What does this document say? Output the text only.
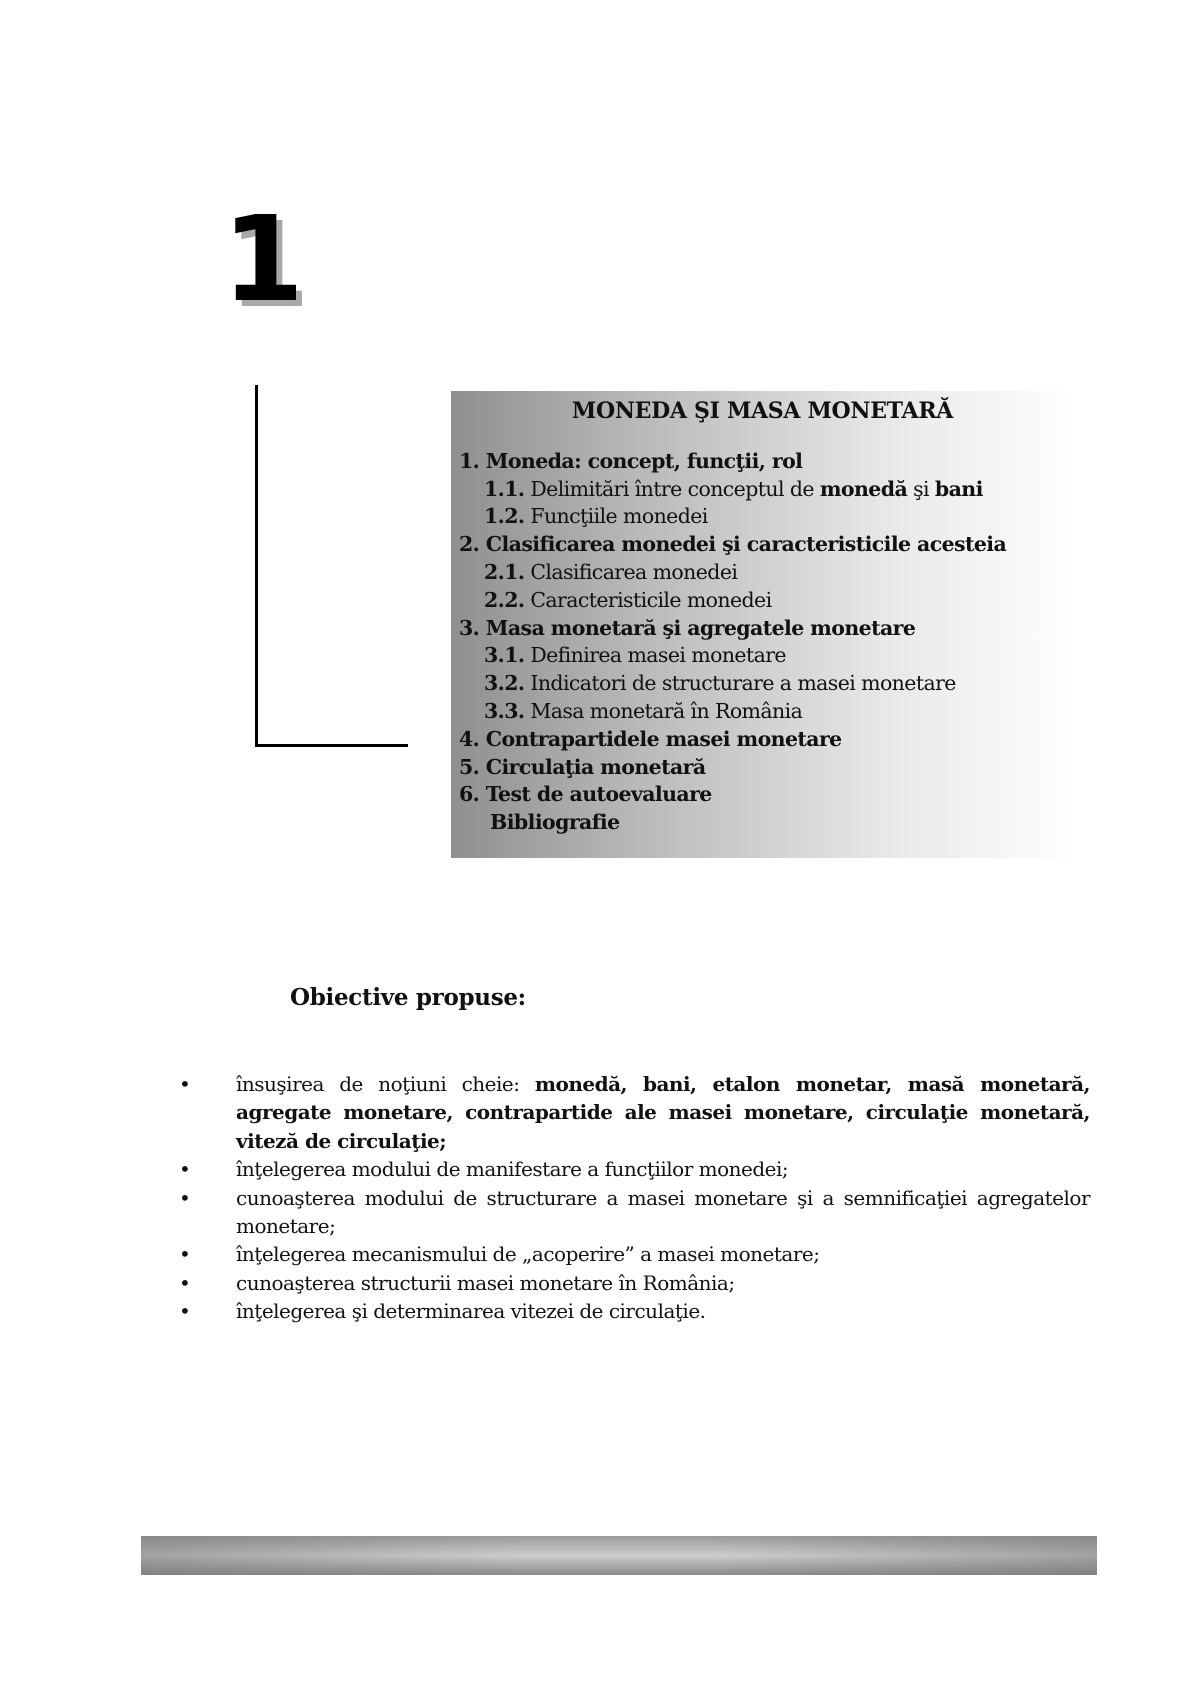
1
MONEDA ŞI MASA MONETARĂ
1. Moneda: concept, funcţii, rol
1.1. Delimitări între conceptul de monedă şi bani
1.2. Funcţiile monedei
2. Clasificarea monedei şi caracteristicile acesteia
2.1. Clasificarea monedei
2.2. Caracteristicile monedei
3. Masa monetară şi agregatele monetare
3.1. Definirea masei monetare
3.2. Indicatori de structurare a masei monetare
3.3. Masa monetară în România
4. Contrapartidele masei monetare
5. Circulaţia monetară
6. Test de autoevaluare
Bibliografie
Obiective propuse:
• însuşirea de noţiuni cheie: monedă, bani, etalon monetar, masă monetară, agregate monetare, contrapartide ale masei monetare, circulaţie monetară, viteză de circulaţie;
• înţelegerea modului de manifestare a funcţiilor monedei;
• cunoaşterea modului de structurare a masei monetare şi a semnificaţiei agregatelor monetare;
• înţelegerea mecanismului de „acoperire” a masei monetare;
• cunoaşterea structurii masei monetare în România;
• înţelegerea şi determinarea vitezei de circulaţie.
